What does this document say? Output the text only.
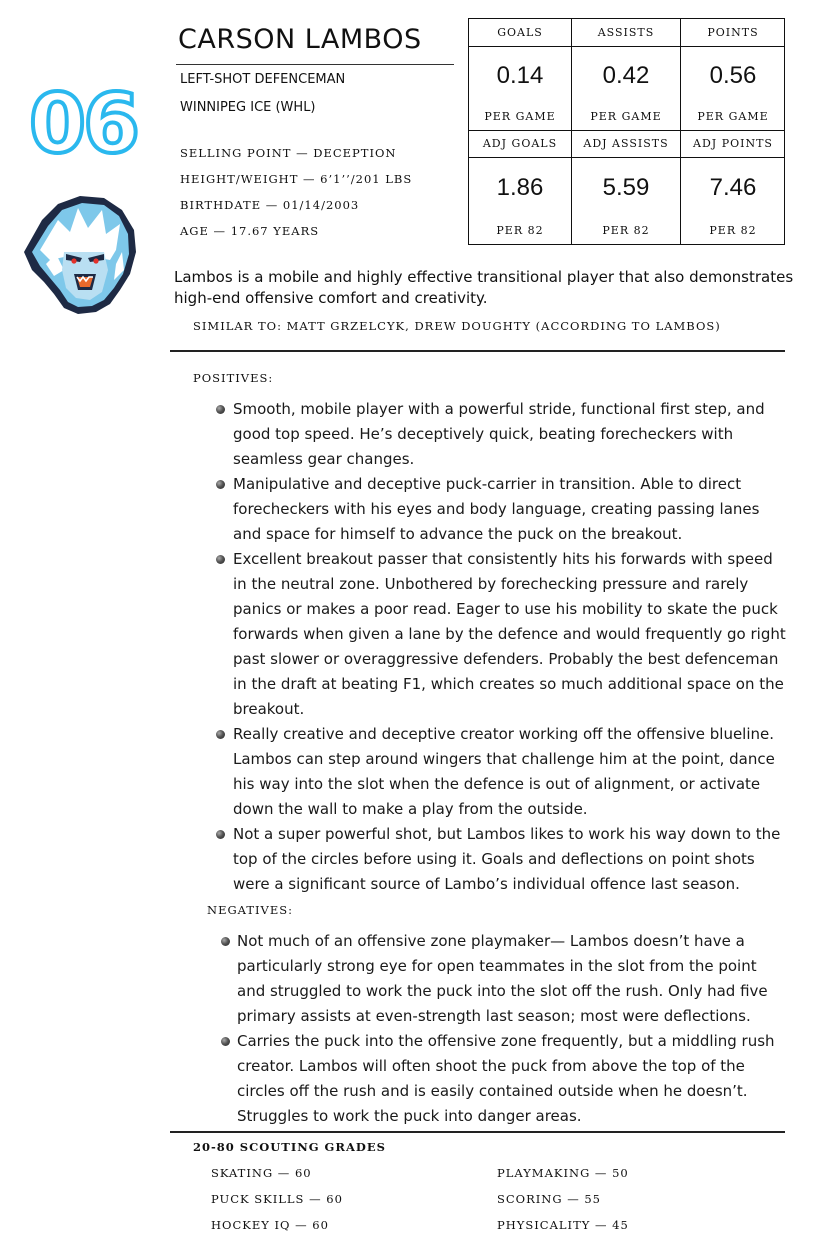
06
CARSON LAMBOS
LEFT-SHOT DEFENCEMAN
WINNIPEG ICE (WHL)
SELLING POINT — DECEPTION
HEIGHT/WEIGHT — 6’1’’/201 LBS
BIRTHDATE — 01/14/2003
AGE — 17.67 YEARS
GOALS	ASSISTS	POINTS
0.14	0.42	0.56
PER GAME	PER GAME	PER GAME
ADJ GOALS	ADJ ASSISTS	ADJ POINTS
1.86	5.59	7.46
PER 82	PER 82	PER 82
Lambos is a mobile and highly effective transitional player that also demonstrates high-end offensive comfort and creativity.
SIMILAR TO: MATT GRZELCYK, DREW DOUGHTY (ACCORDING TO LAMBOS)
POSITIVES:
Smooth, mobile player with a powerful stride, functional first step, and good top speed. He’s deceptively quick, beating forecheckers with seamless gear changes.
Manipulative and deceptive puck-carrier in transition. Able to direct forecheckers with his eyes and body language, creating passing lanes and space for himself to advance the puck on the breakout.
Excellent breakout passer that consistently hits his forwards with speed in the neutral zone. Unbothered by forechecking pressure and rarely panics or makes a poor read. Eager to use his mobility to skate the puck forwards when given a lane by the defence and would frequently go right past slower or overaggressive defenders. Probably the best defenceman in the draft at beating F1, which creates so much additional space on the breakout.
Really creative and deceptive creator working off the offensive blueline. Lambos can step around wingers that challenge him at the point, dance his way into the slot when the defence is out of alignment, or activate down the wall to make a play from the outside.
Not a super powerful shot, but Lambos likes to work his way down to the top of the circles before using it. Goals and deflections on point shots were a significant source of Lambo’s individual offence last season.
NEGATIVES:
Not much of an offensive zone playmaker— Lambos doesn’t have a particularly strong eye for open teammates in the slot from the point and struggled to work the puck into the slot off the rush. Only had five primary assists at even-strength last season; most were deflections.
Carries the puck into the offensive zone frequently, but a middling rush creator. Lambos will often shoot the puck from above the top of the circles off the rush and is easily contained outside when he doesn’t. Struggles to work the puck into danger areas.
20-80 SCOUTING GRADES
SKATING — 60
PUCK SKILLS — 60
HOCKEY IQ — 60
PLAYMAKING — 50
SCORING — 55
PHYSICALITY — 45
